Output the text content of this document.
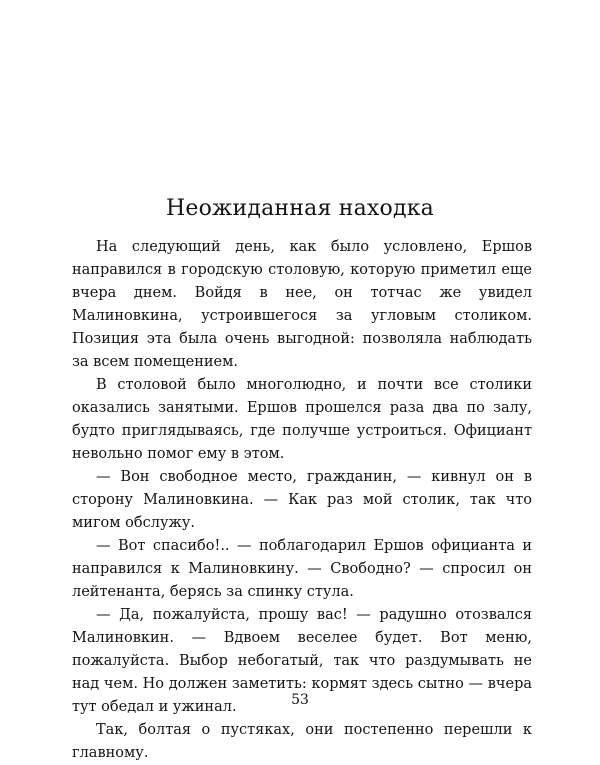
Неожиданная находка

На следующий день, как было условлено, Ершов направился в городскую столовую, которую приметил еще вчера днем. Войдя в нее, он тотчас же увидел Малиновкина, устроившегося за угловым столиком. Позиция эта была очень выгодной: позволяла наблюдать за всем помещением.

В столовой было многолюдно, и почти все столики оказались занятыми. Ершов прошелся раза два по залу, будто приглядываясь, где получше устроиться. Официант невольно помог ему в этом.

— Вон свободное место, гражданин, — кивнул он в сторону Малиновкина. — Как раз мой столик, так что мигом обслужу.

— Вот спасибо!.. — поблагодарил Ершов официанта и направился к Малиновкину. — Свободно? — спросил он лейтенанта, берясь за спинку стула.

— Да, пожалуйста, прошу вас! — радушно отозвался Малиновкин. — Вдвоем веселее будет. Вот меню, пожалуйста. Выбор небогатый, так что раздумывать не над чем. Но должен заметить: кормят здесь сытно — вчера тут обедал и ужинал.

Так, болтая о пустяках, они постепенно перешли к главному.

53
